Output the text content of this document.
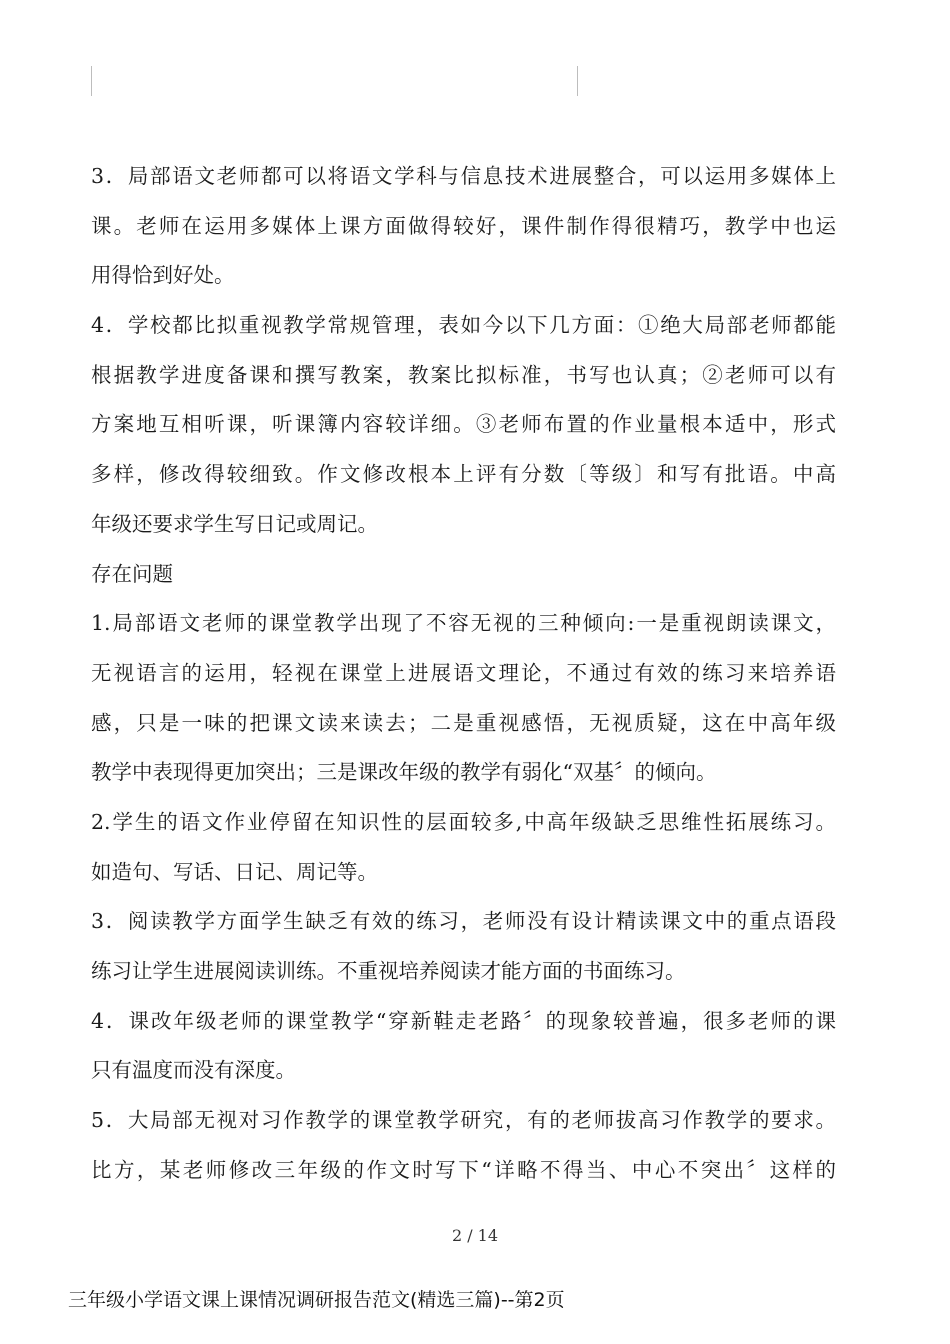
3．局部语文老师都可以将语文学科与信息技术进展整合，可以运用多媒体上
课。老师在运用多媒体上课方面做得较好，课件制作得很精巧，教学中也运
用得恰到好处。
4．学校都比拟重视教学常规管理，表如今以下几方面：①绝大局部老师都能
根据教学进度备课和撰写教案，教案比拟标准，书写也认真；②老师可以有
方案地互相听课，听课簿内容较详细。③老师布置的作业量根本适中，形式
多样，修改得较细致。作文修改根本上评有分数〔等级〕和写有批语。中高
年级还要求学生写日记或周记。
存在问题
1.局部语文老师的课堂教学出现了不容无视的三种倾向:一是重视朗读课文，
无视语言的运用，轻视在课堂上进展语文理论，不通过有效的练习来培养语
感，只是一味的把课文读来读去；二是重视感悟，无视质疑，这在中高年级
教学中表现得更加突出；三是课改年级的教学有弱化“双基〞的倾向。
2.学生的语文作业停留在知识性的层面较多,中高年级缺乏思维性拓展练习。
如造句、写话、日记、周记等。
3．阅读教学方面学生缺乏有效的练习，老师没有设计精读课文中的重点语段
练习让学生进展阅读训练。不重视培养阅读才能方面的书面练习。
4．课改年级老师的课堂教学“穿新鞋走老路〞的现象较普遍，很多老师的课
只有温度而没有深度。
5．大局部无视对习作教学的课堂教学研究，有的老师拔高习作教学的要求。
比方，某老师修改三年级的作文时写下“详略不得当、中心不突出〞这样的
2 / 14
三年级小学语文课上课情况调研报告范文(精选三篇)--第2页
